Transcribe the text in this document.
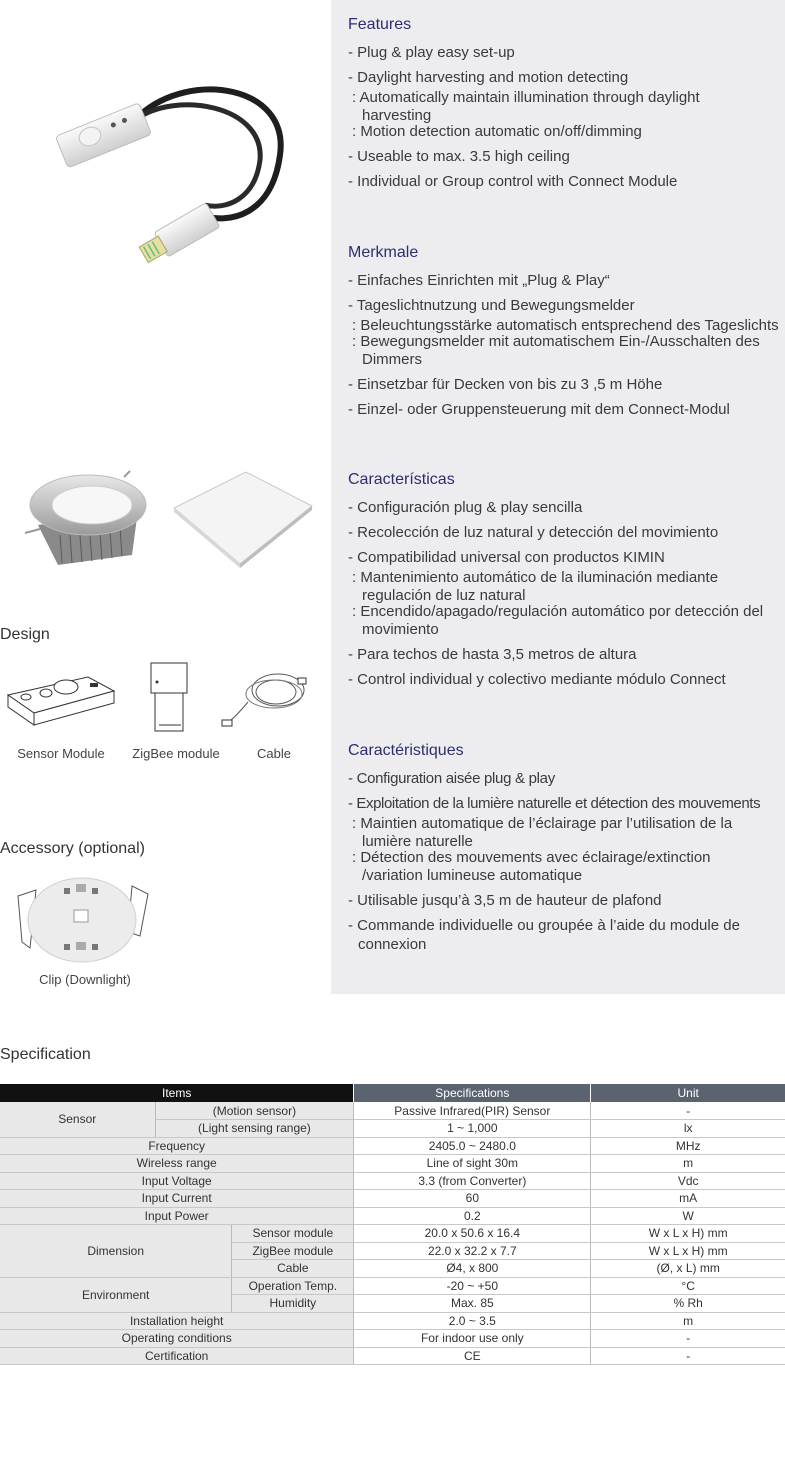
Design
Sensor Module	ZigBee module	Cable
Accessory (optional)
Clip (Downlight)
Features
- Plug & play easy set-up
- Daylight harvesting and motion detecting
: Automatically maintain illumination through daylight harvesting
: Motion detection automatic on/off/dimming
- Useable to max. 3.5 high ceiling
- Individual or Group control with Connect Module
Merkmale
- Einfaches Einrichten mit „Plug & Play“
- Tageslichtnutzung und Bewegungsmelder
: Beleuchtungsstärke automatisch entsprechend des Tageslichts
: Bewegungsmelder mit automatischem Ein-/Ausschalten des Dimmers
- Einsetzbar für Decken von bis zu 3 ,5 m Höhe
- Einzel- oder Gruppensteuerung mit dem Connect-Modul
Características
- Configuración plug & play sencilla
- Recolección de luz natural y detección del movimiento
- Compatibilidad universal con productos KIMIN
: Mantenimiento automático de la iluminación mediante regulación de luz natural
: Encendido/apagado/regulación automático por detección del movimiento
- Para techos de hasta 3,5 metros de altura
- Control individual y colectivo mediante módulo Connect
Caractéristiques
- Configuration aisée plug & play
- Exploitation de la lumière naturelle et détection des mouvements
: Maintien automatique de l’éclairage par l’utilisation de la lumière naturelle
: Détection des mouvements avec éclairage/extinction /variation lumineuse automatique
- Utilisable jusqu’à 3,5 m de hauteur de plafond
- Commande individuelle ou groupée à l’aide du module de connexion
Specification
Items			Specifications	Unit
Sensor	(Motion sensor)		Passive Infrared(PIR) Sensor	-
	(Light sensing range)		1 ~ 1,000	lx
Frequency			2405.0 ~ 2480.0	MHz
Wireless range			Line of sight 30m	m
Input Voltage			3.3 (from Converter)	Vdc
Input Current			60	mA
Input Power			0.2	W
Dimension		Sensor module	20.0 x 50.6 x 16.4	W x L x H) mm
		ZigBee module	22.0 x 32.2 x 7.7	W x L x H) mm
		Cable	Ø4, x 800	(Ø, x L) mm
Environment		Operation Temp.	-20 ~ +50	°C
		Humidity	Max. 85	% Rh
Installation height			2.0 ~ 3.5	m
Operating conditions			For indoor use only	-
Certification			CE	-
